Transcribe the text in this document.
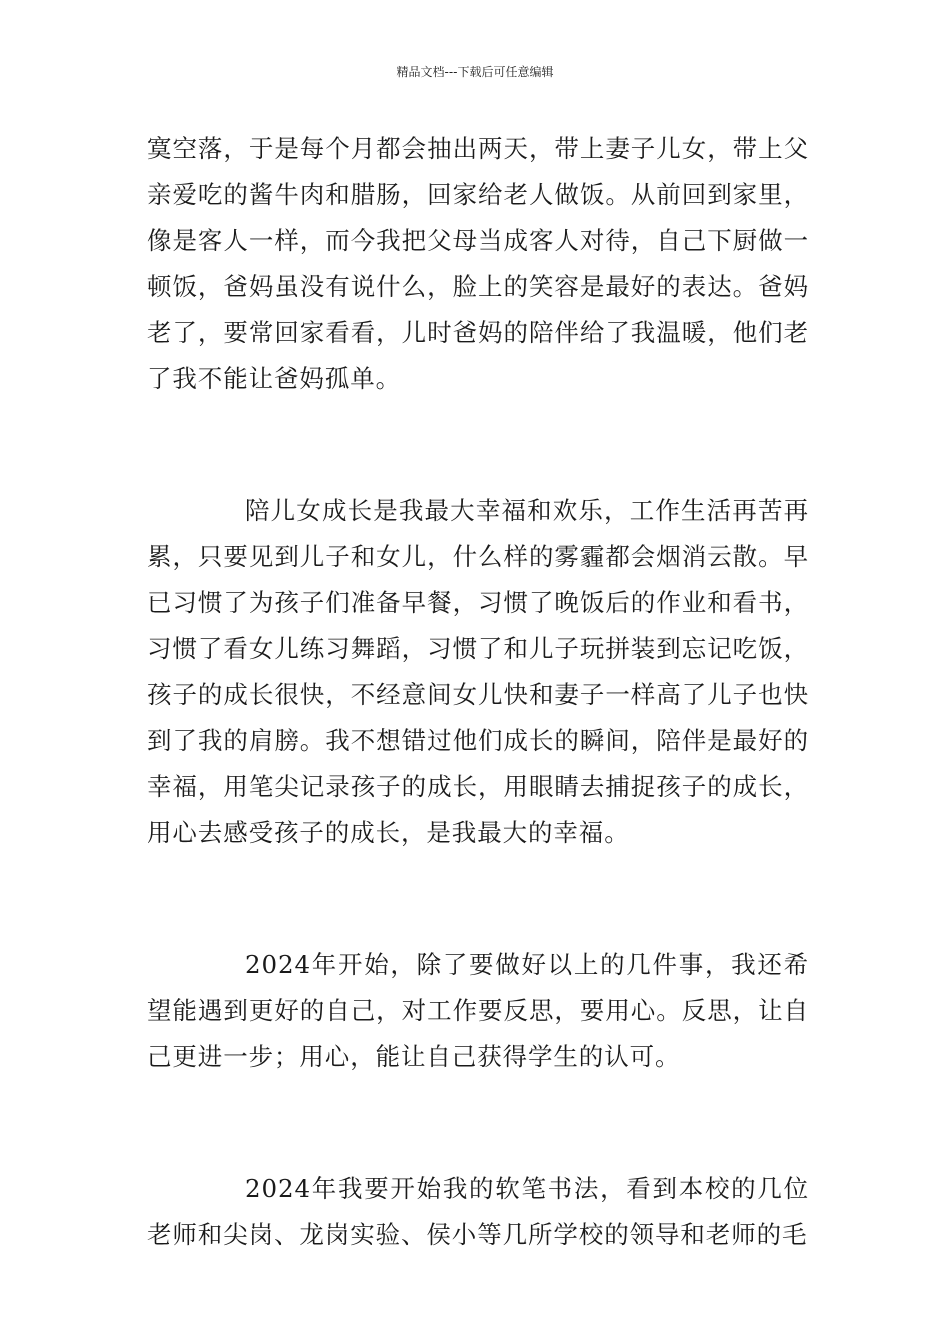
精品文档---下载后可任意编辑

寞空落，于是每个月都会抽出两天，带上妻子儿女，带上父亲爱吃的酱牛肉和腊肠，回家给老人做饭。从前回到家里，像是客人一样，而今我把父母当成客人对待，自己下厨做一顿饭，爸妈虽没有说什么，脸上的笑容是最好的表达。爸妈老了，要常回家看看，儿时爸妈的陪伴给了我温暖，他们老了我不能让爸妈孤单。

陪儿女成长是我最大幸福和欢乐，工作生活再苦再累，只要见到儿子和女儿，什么样的雾霾都会烟消云散。早已习惯了为孩子们准备早餐，习惯了晚饭后的作业和看书，习惯了看女儿练习舞蹈，习惯了和儿子玩拼装到忘记吃饭，孩子的成长很快，不经意间女儿快和妻子一样高了儿子也快到了我的肩膀。我不想错过他们成长的瞬间，陪伴是最好的幸福，用笔尖记录孩子的成长，用眼睛去捕捉孩子的成长，用心去感受孩子的成长，是我最大的幸福。

2024年开始，除了要做好以上的几件事，我还希望能遇到更好的自己，对工作要反思，要用心。反思，让自己更进一步；用心，能让自己获得学生的认可。

2024年我要开始我的软笔书法，看到本校的几位老师和尖岗、龙岗实验、侯小等几所学校的领导和老师的毛
